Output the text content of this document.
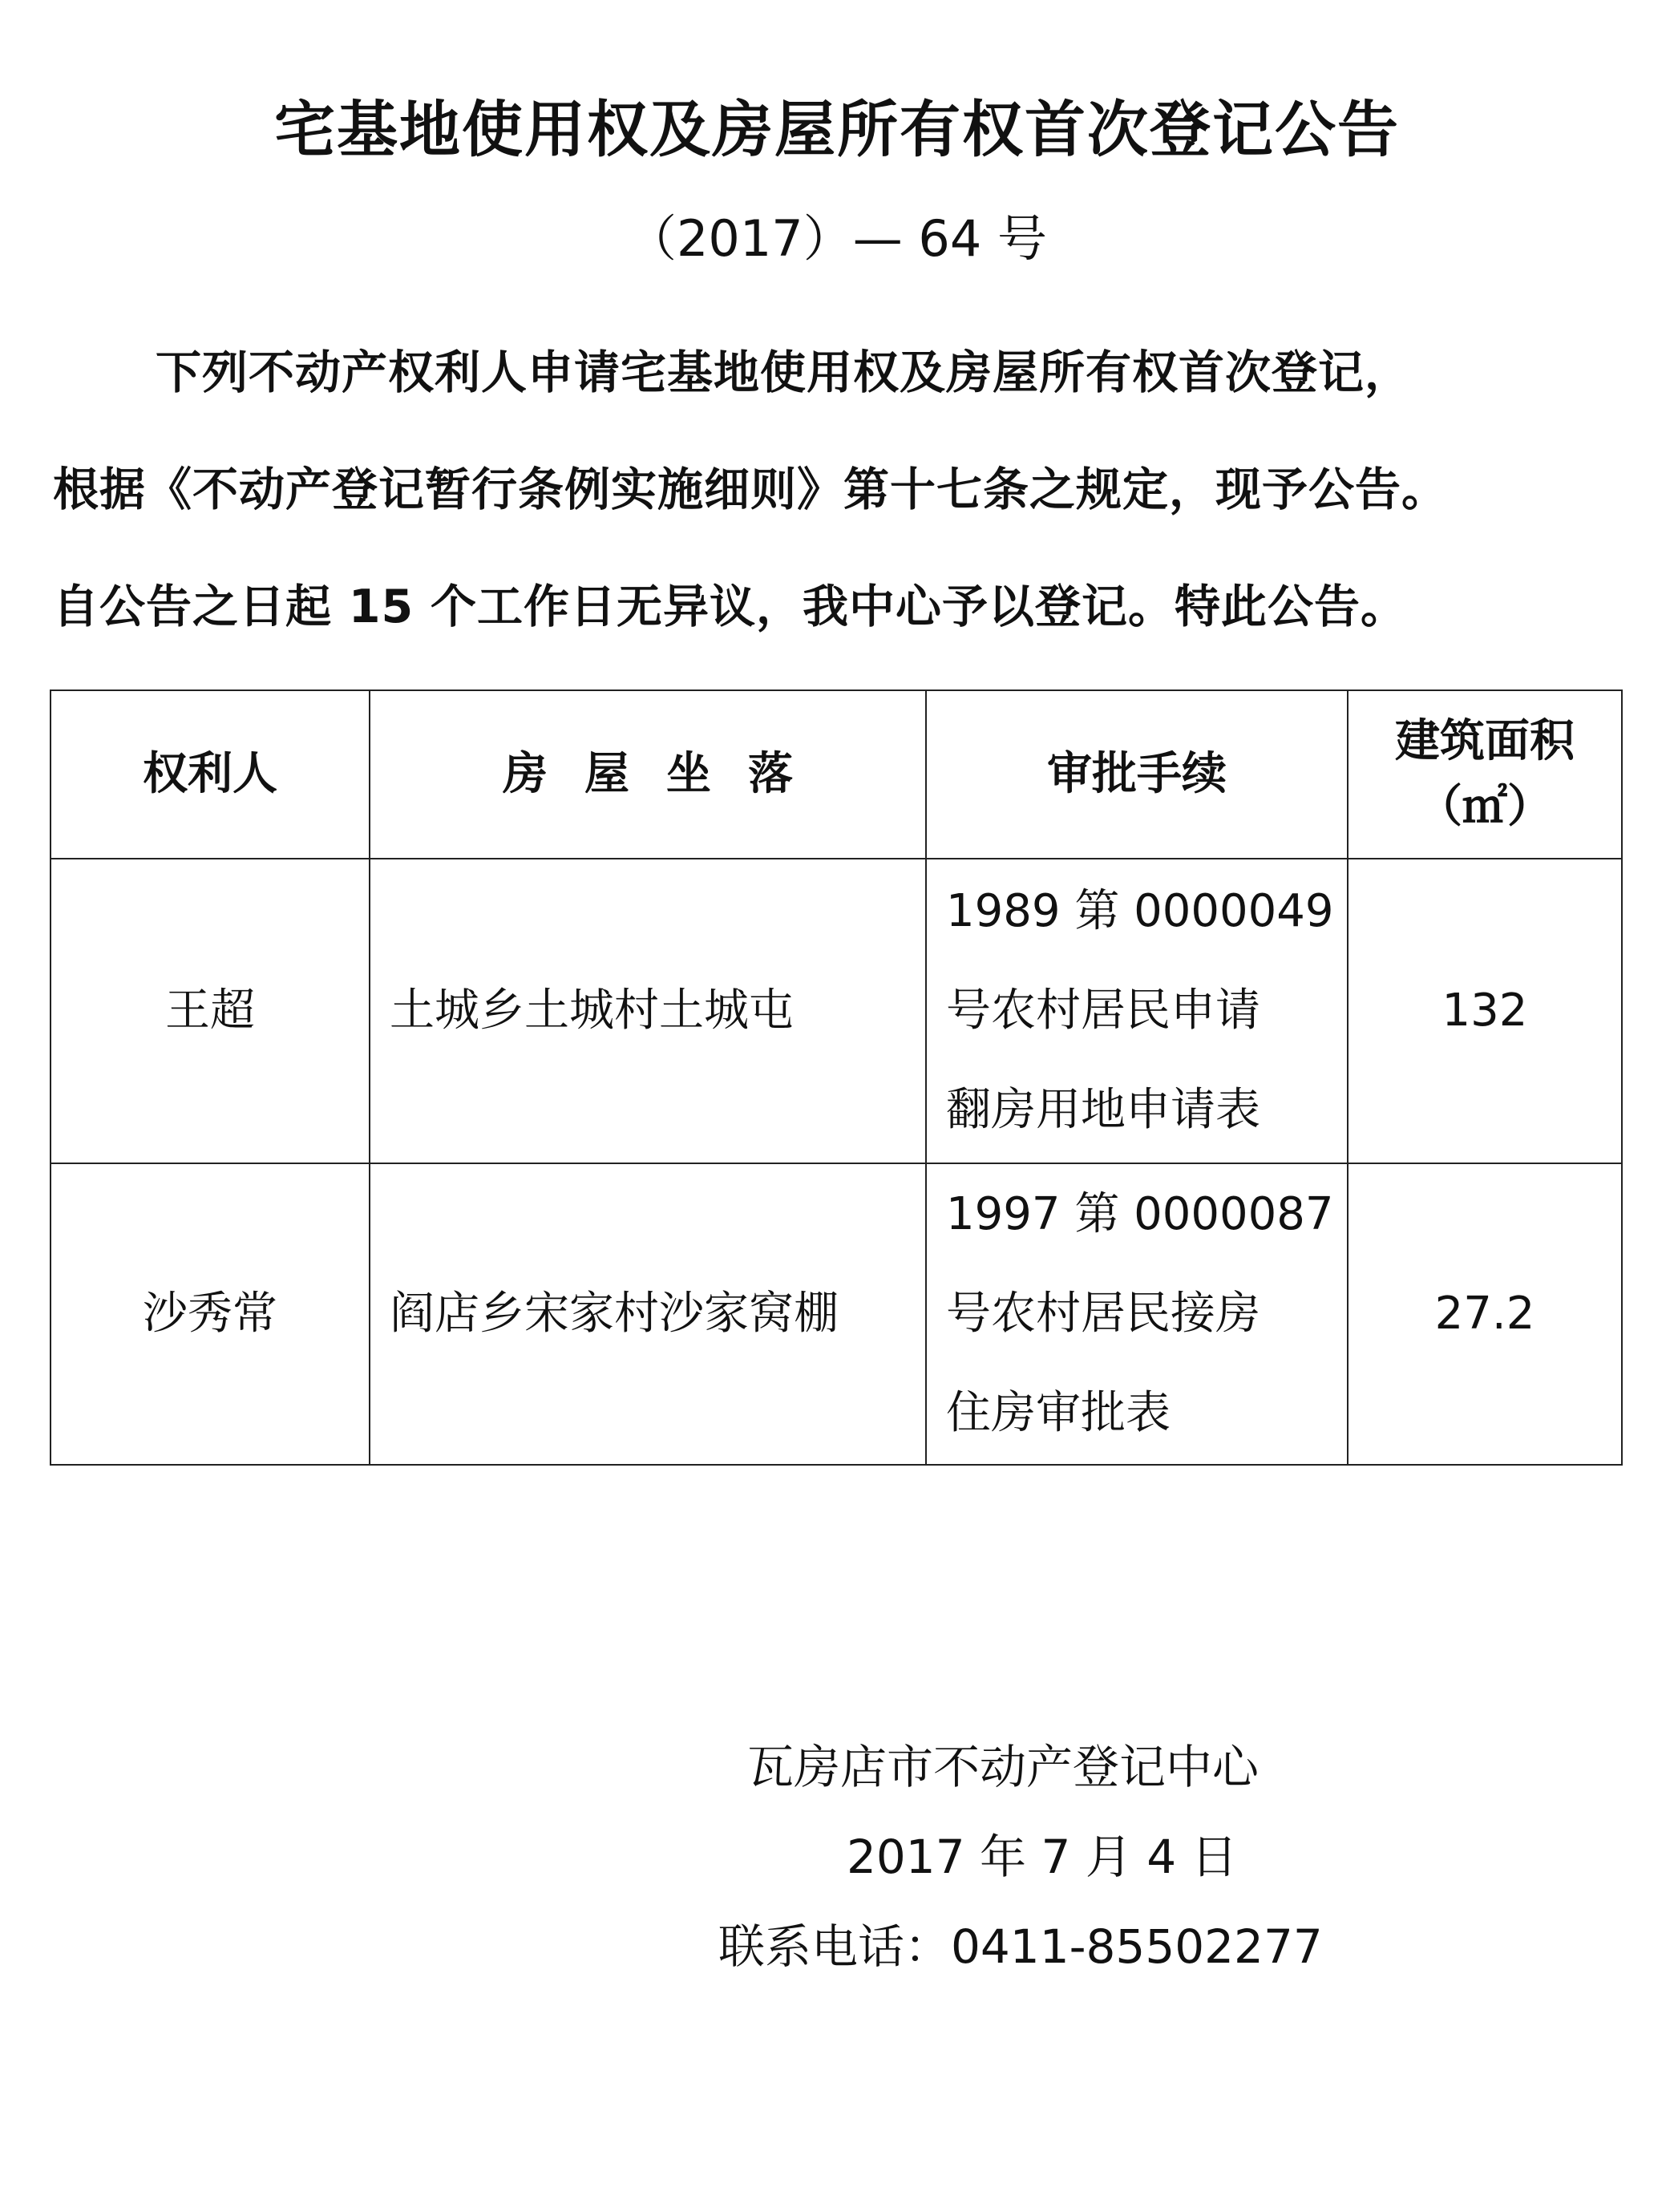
宅基地使用权及房屋所有权首次登记公告
（2017）— 64 号
下列不动产权利人申请宅基地使用权及房屋所有权首次登记，
根据《不动产登记暂行条例实施细则》第十七条之规定，现予公告。
自公告之日起 15 个工作日无异议，我中心予以登记。特此公告。
权利人	房屋坐落	审批手续	建筑面积
（㎡）

王超	土城乡土城村土城屯	1989 第 0000049
号农村居民申请
翻房用地申请表	132
沙秀常	阎店乡宋家村沙家窝棚	1997 第 0000087
号农村居民接房
住房审批表	27.2
瓦房店市不动产登记中心
2017 年 7 月 4 日
联系电话：0411-85502277
